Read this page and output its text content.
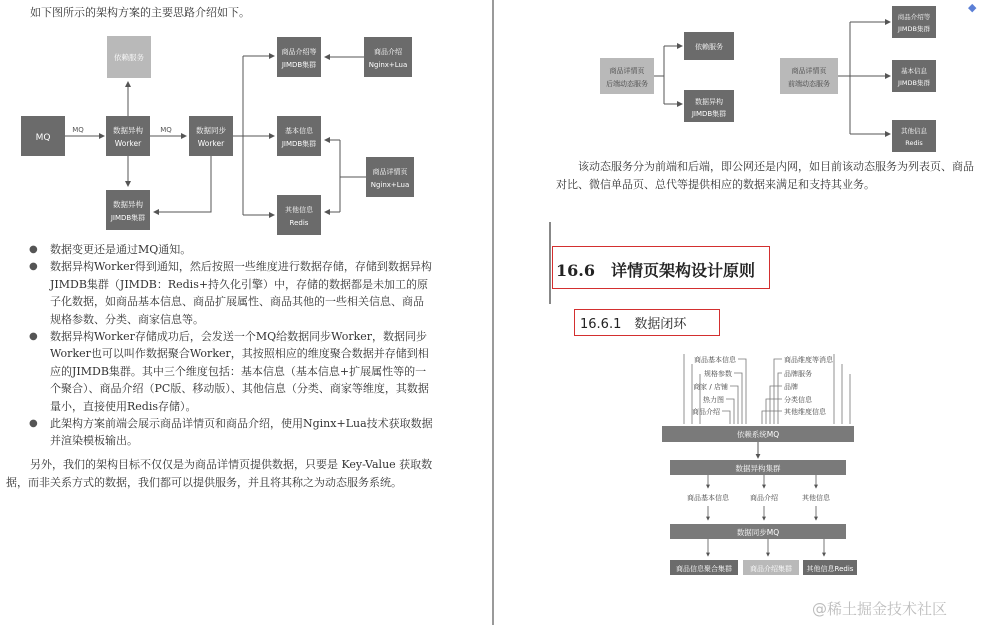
如下图所示的架构方案的主要思路介绍如下。
MQ
MQ
依赖服务
数据异构
Worker
数据异构
JIMDB集群
MQ	数据同步
Worker
商品介绍等
JIMDB集群
基本信息
JIMDB集群
其他信息
Redis
商品介绍
Nginx+Lua
商品详情页
Nginx+Lua
● 数据变更还是通过MQ通知。
● 数据异构Worker得到通知，然后按照一些维度进行数据存储，存储到数据异构JIMDB集群（JIMDB：Redis+持久化引擎）中，存储的数据都是未加工的原子化数据，如商品基本信息、商品扩展属性、商品其他的一些相关信息、商品规格参数、分类、商家信息等。
● 数据异构Worker存储成功后，会发送一个MQ给数据同步Worker，数据同步Worker也可以叫作数据聚合Worker，其按照相应的维度聚合数据并存储到相应的JIMDB集群。其中三个维度包括：基本信息（基本信息+扩展属性等的一个聚合）、商品介绍（PC版、移动版）、其他信息（分类、商家等维度，其数据量小，直接使用Redis存储）。
● 此架构方案前端会展示商品详情页和商品介绍，使用Nginx+Lua技术获取数据并渲染模板输出。
另外，我们的架构目标不仅仅是为商品详情页提供数据，只要是 Key-Value 获取数据，而非关系方式的数据，我们都可以提供服务，并且将其称之为动态服务系统。
商品详情页
后端动态服务
依赖服务
数据异构
JIMDB集群
商品详情页
前端动态服务
商品介绍等
JIMDB集群
基本信息
JIMDB集群
其他信息
Redis
该动态服务分为前端和后端，即公网还是内网，如目前该动态服务为列表页、商品对比、微信单品页、总代等提供相应的数据来满足和支持其业务。
16.6　详情页架构设计原则
16.6.1　数据闭环
商品基本信息
规格参数
商家 / 店铺
热力图
商品介绍
商品维度等消息
品牌服务
品牌
分类信息
其他维度信息
依赖系统MQ
数据异构集群
商品基本信息	商品介绍	其他信息
数据同步MQ
商品信息聚合集群	商品介绍集群 其他信息Redis
@稀土掘金技术社区
◆
